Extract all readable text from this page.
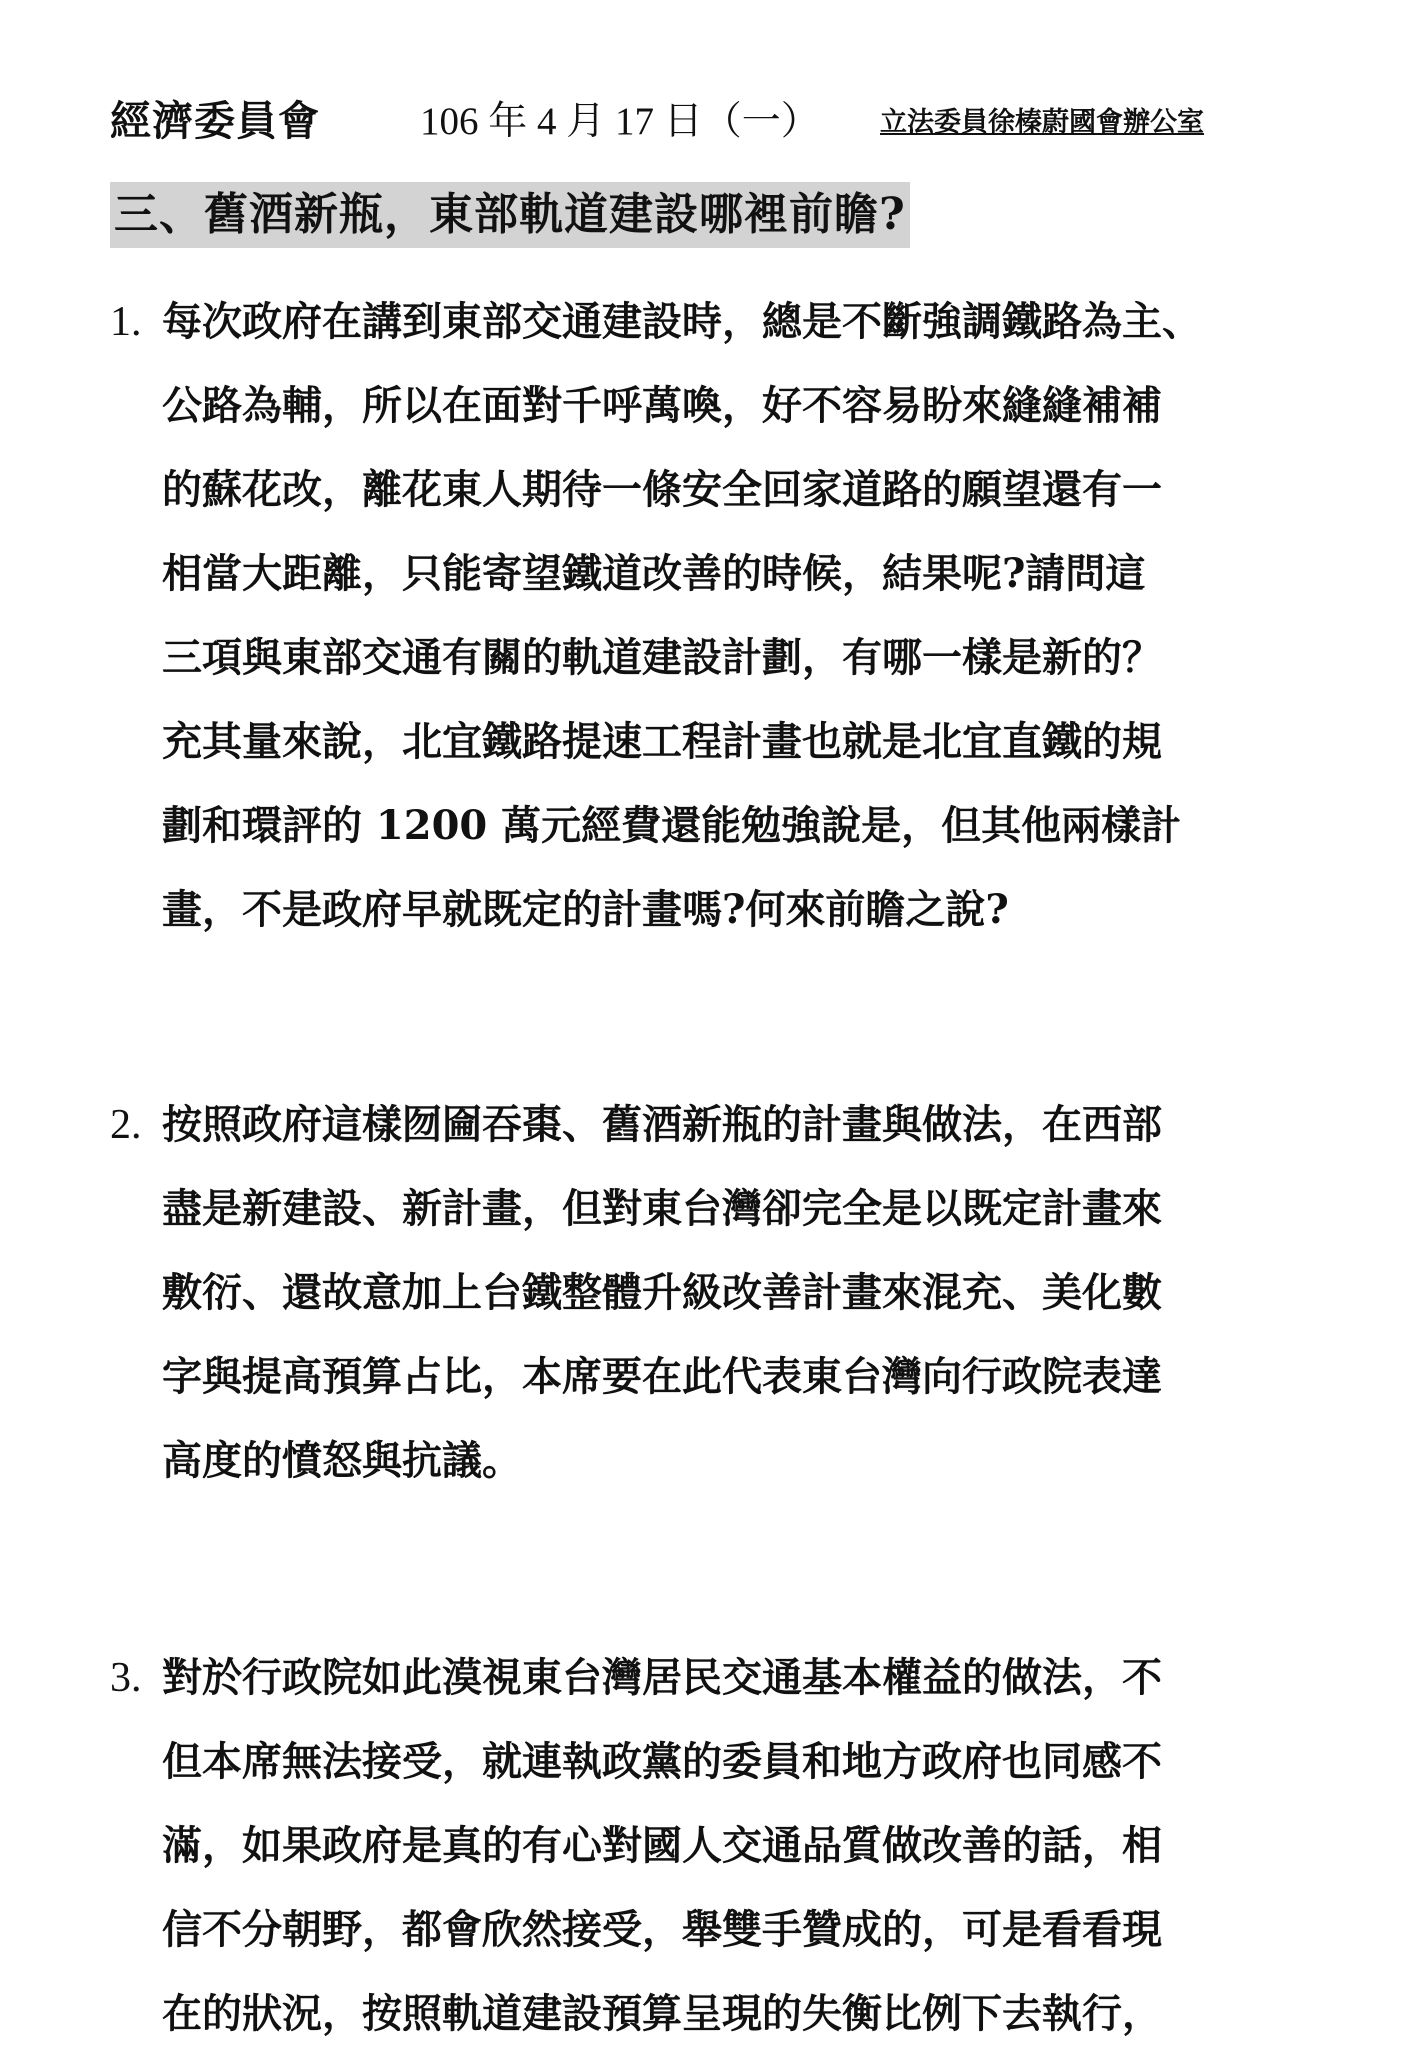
經濟委員會	106 年 4 月 17 日（一） 立法委員徐榛蔚國會辦公室
三、舊酒新瓶，東部軌道建設哪裡前瞻?
1. 每次政府在講到東部交通建設時，總是不斷強調鐵路為主、
公路為輔，所以在面對千呼萬喚，好不容易盼來縫縫補補
的蘇花改，離花東人期待一條安全回家道路的願望還有一
相當大距離，只能寄望鐵道改善的時候，結果呢?請問這
三項與東部交通有關的軌道建設計劃，有哪一樣是新的？
充其量來說，北宜鐵路提速工程計畫也就是北宜直鐵的規
劃和環評的 1200 萬元經費還能勉強說是，但其他兩樣計
畫，不是政府早就既定的計畫嗎?何來前瞻之說?
2. 按照政府這樣囫圇吞棗、舊酒新瓶的計畫與做法，在西部
盡是新建設、新計畫，但對東台灣卻完全是以既定計畫來
敷衍、還故意加上台鐵整體升級改善計畫來混充、美化數
字與提高預算占比，本席要在此代表東台灣向行政院表達
高度的憤怒與抗議。
3. 對於行政院如此漠視東台灣居民交通基本權益的做法，不
但本席無法接受，就連執政黨的委員和地方政府也同感不
滿，如果政府是真的有心對國人交通品質做改善的話，相
信不分朝野，都會欣然接受，舉雙手贊成的，可是看看現
在的狀況，按照軌道建設預算呈現的失衡比例下去執行，
